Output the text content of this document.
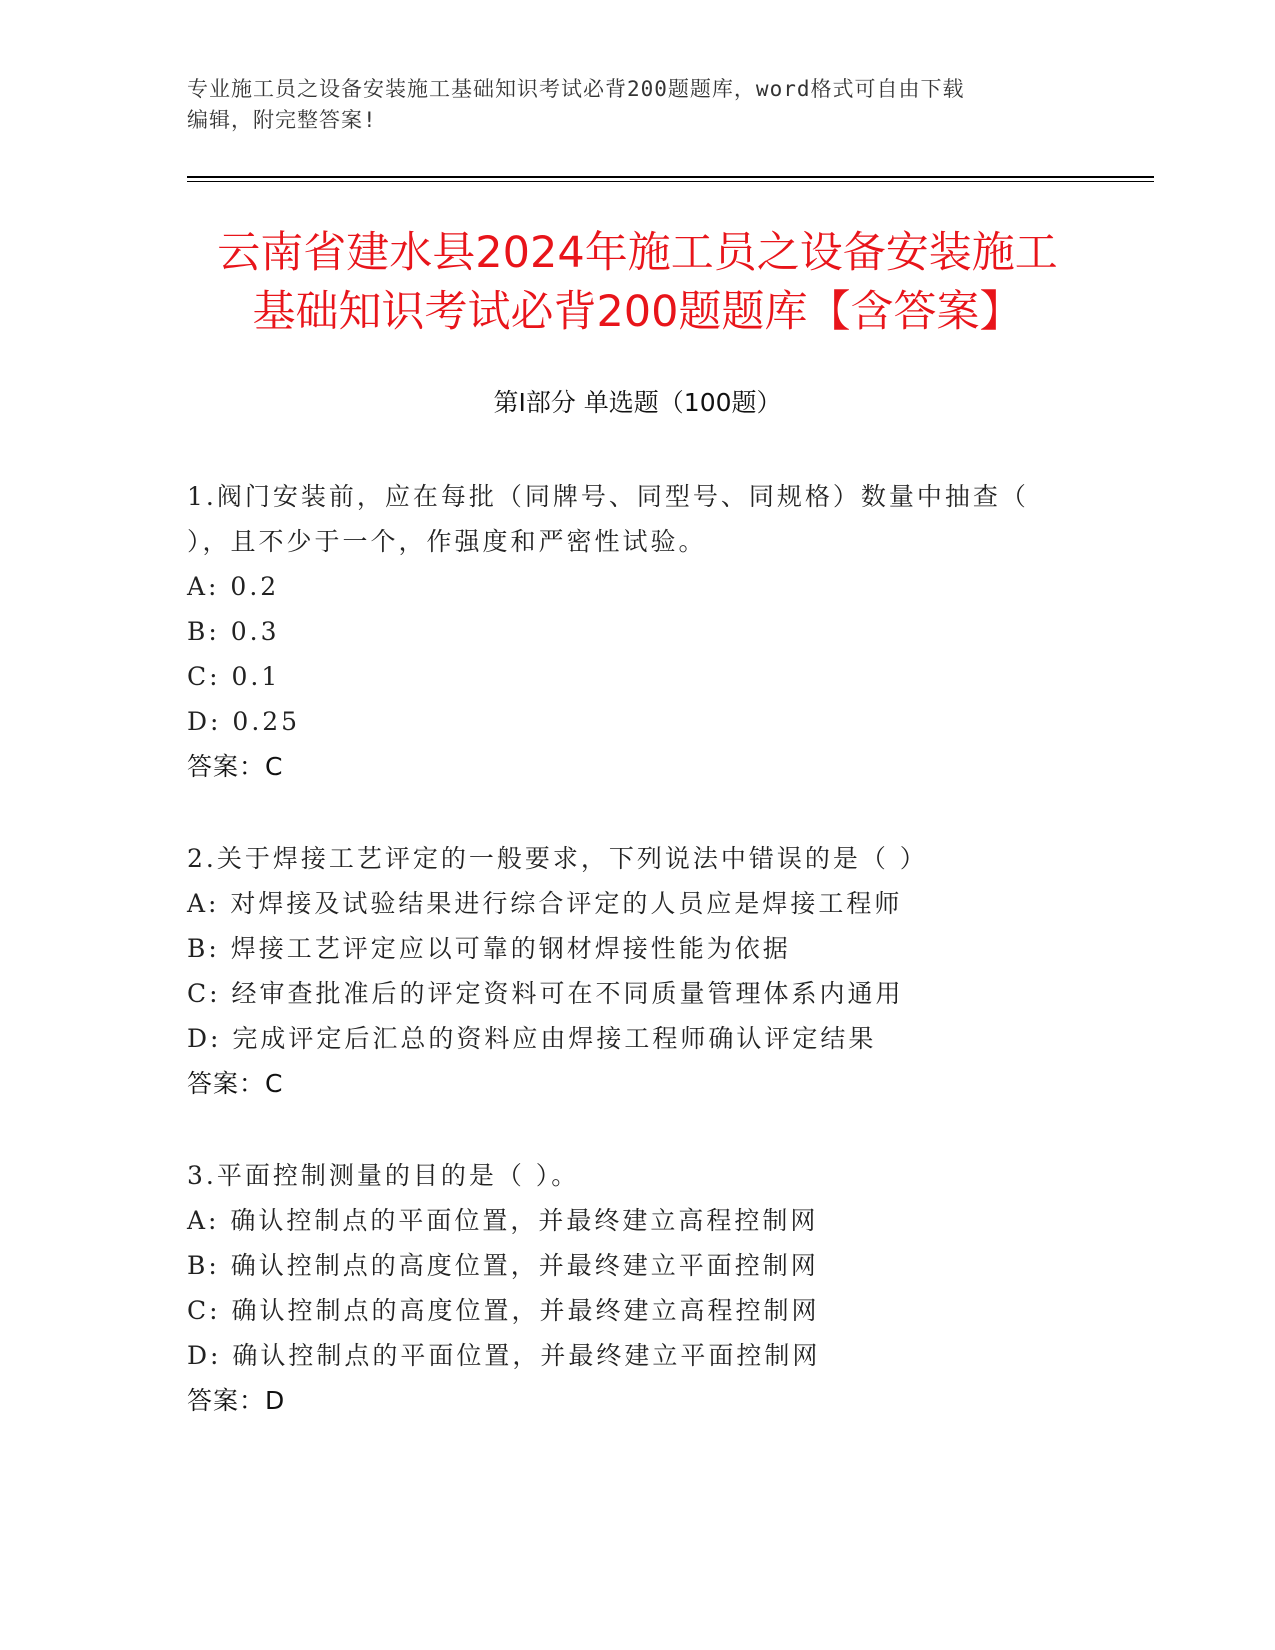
专业施工员之设备安装施工基础知识考试必背200题题库，word格式可自由下载
编辑，附完整答案!
云南省建水县2024年施工员之设备安装施工
基础知识考试必背200题题库【含答案】
第Ⅰ部分 单选题（100题）
1.阀门安装前，应在每批（同牌号、同型号、同规格）数量中抽查（
），且不少于一个，作强度和严密性试验。
A: 0.2
B: 0.3
C: 0.1
D: 0.25
答案：C
2.关于焊接工艺评定的一般要求，下列说法中错误的是（ ）
A: 对焊接及试验结果进行综合评定的人员应是焊接工程师
B: 焊接工艺评定应以可靠的钢材焊接性能为依据
C: 经审查批准后的评定资料可在不同质量管理体系内通用
D: 完成评定后汇总的资料应由焊接工程师确认评定结果
答案：C
3.平面控制测量的目的是（ ）。
A: 确认控制点的平面位置，并最终建立高程控制网
B: 确认控制点的高度位置，并最终建立平面控制网
C: 确认控制点的高度位置，并最终建立高程控制网
D: 确认控制点的平面位置，并最终建立平面控制网
答案：D
